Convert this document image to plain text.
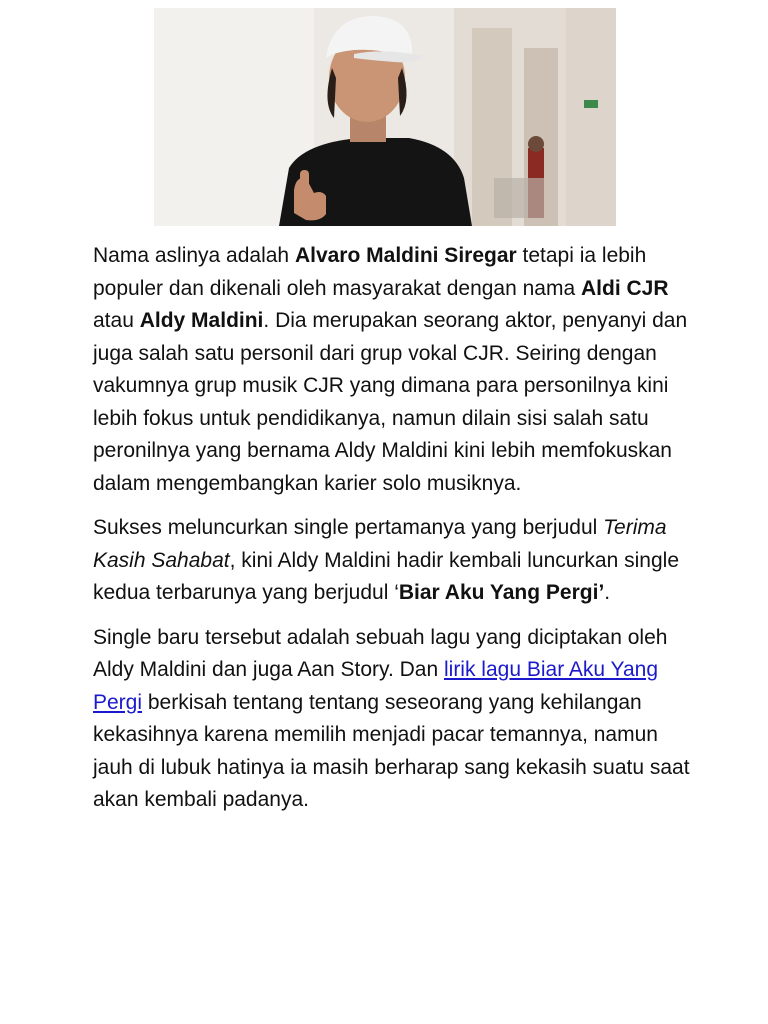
Nama aslinya adalah Alvaro Maldini Siregar tetapi ia lebih populer dan dikenali oleh masyarakat dengan nama Aldi CJR atau Aldy Maldini. Dia merupakan seorang aktor, penyanyi dan juga salah satu personil dari grup vokal CJR. Seiring dengan vakumnya grup musik CJR yang dimana para personilnya kini lebih fokus untuk pendidikanya, namun dilain sisi salah satu peronilnya yang bernama Aldy Maldini kini lebih memfokuskan dalam mengembangkan karier solo musiknya.

Sukses meluncurkan single pertamanya yang berjudul Terima Kasih Sahabat, kini Aldy Maldini hadir kembali luncurkan single kedua terbarunya yang berjudul ‘Biar Aku Yang Pergi’.

Single baru tersebut adalah sebuah lagu yang diciptakan oleh Aldy Maldini dan juga Aan Story. Dan lirik lagu Biar Aku Yang Pergi berkisah tentang tentang seseorang yang kehilangan kekasihnya karena memilih menjadi pacar temannya, namun jauh di lubuk hatinya ia masih berharap sang kekasih suatu saat akan kembali padanya.
